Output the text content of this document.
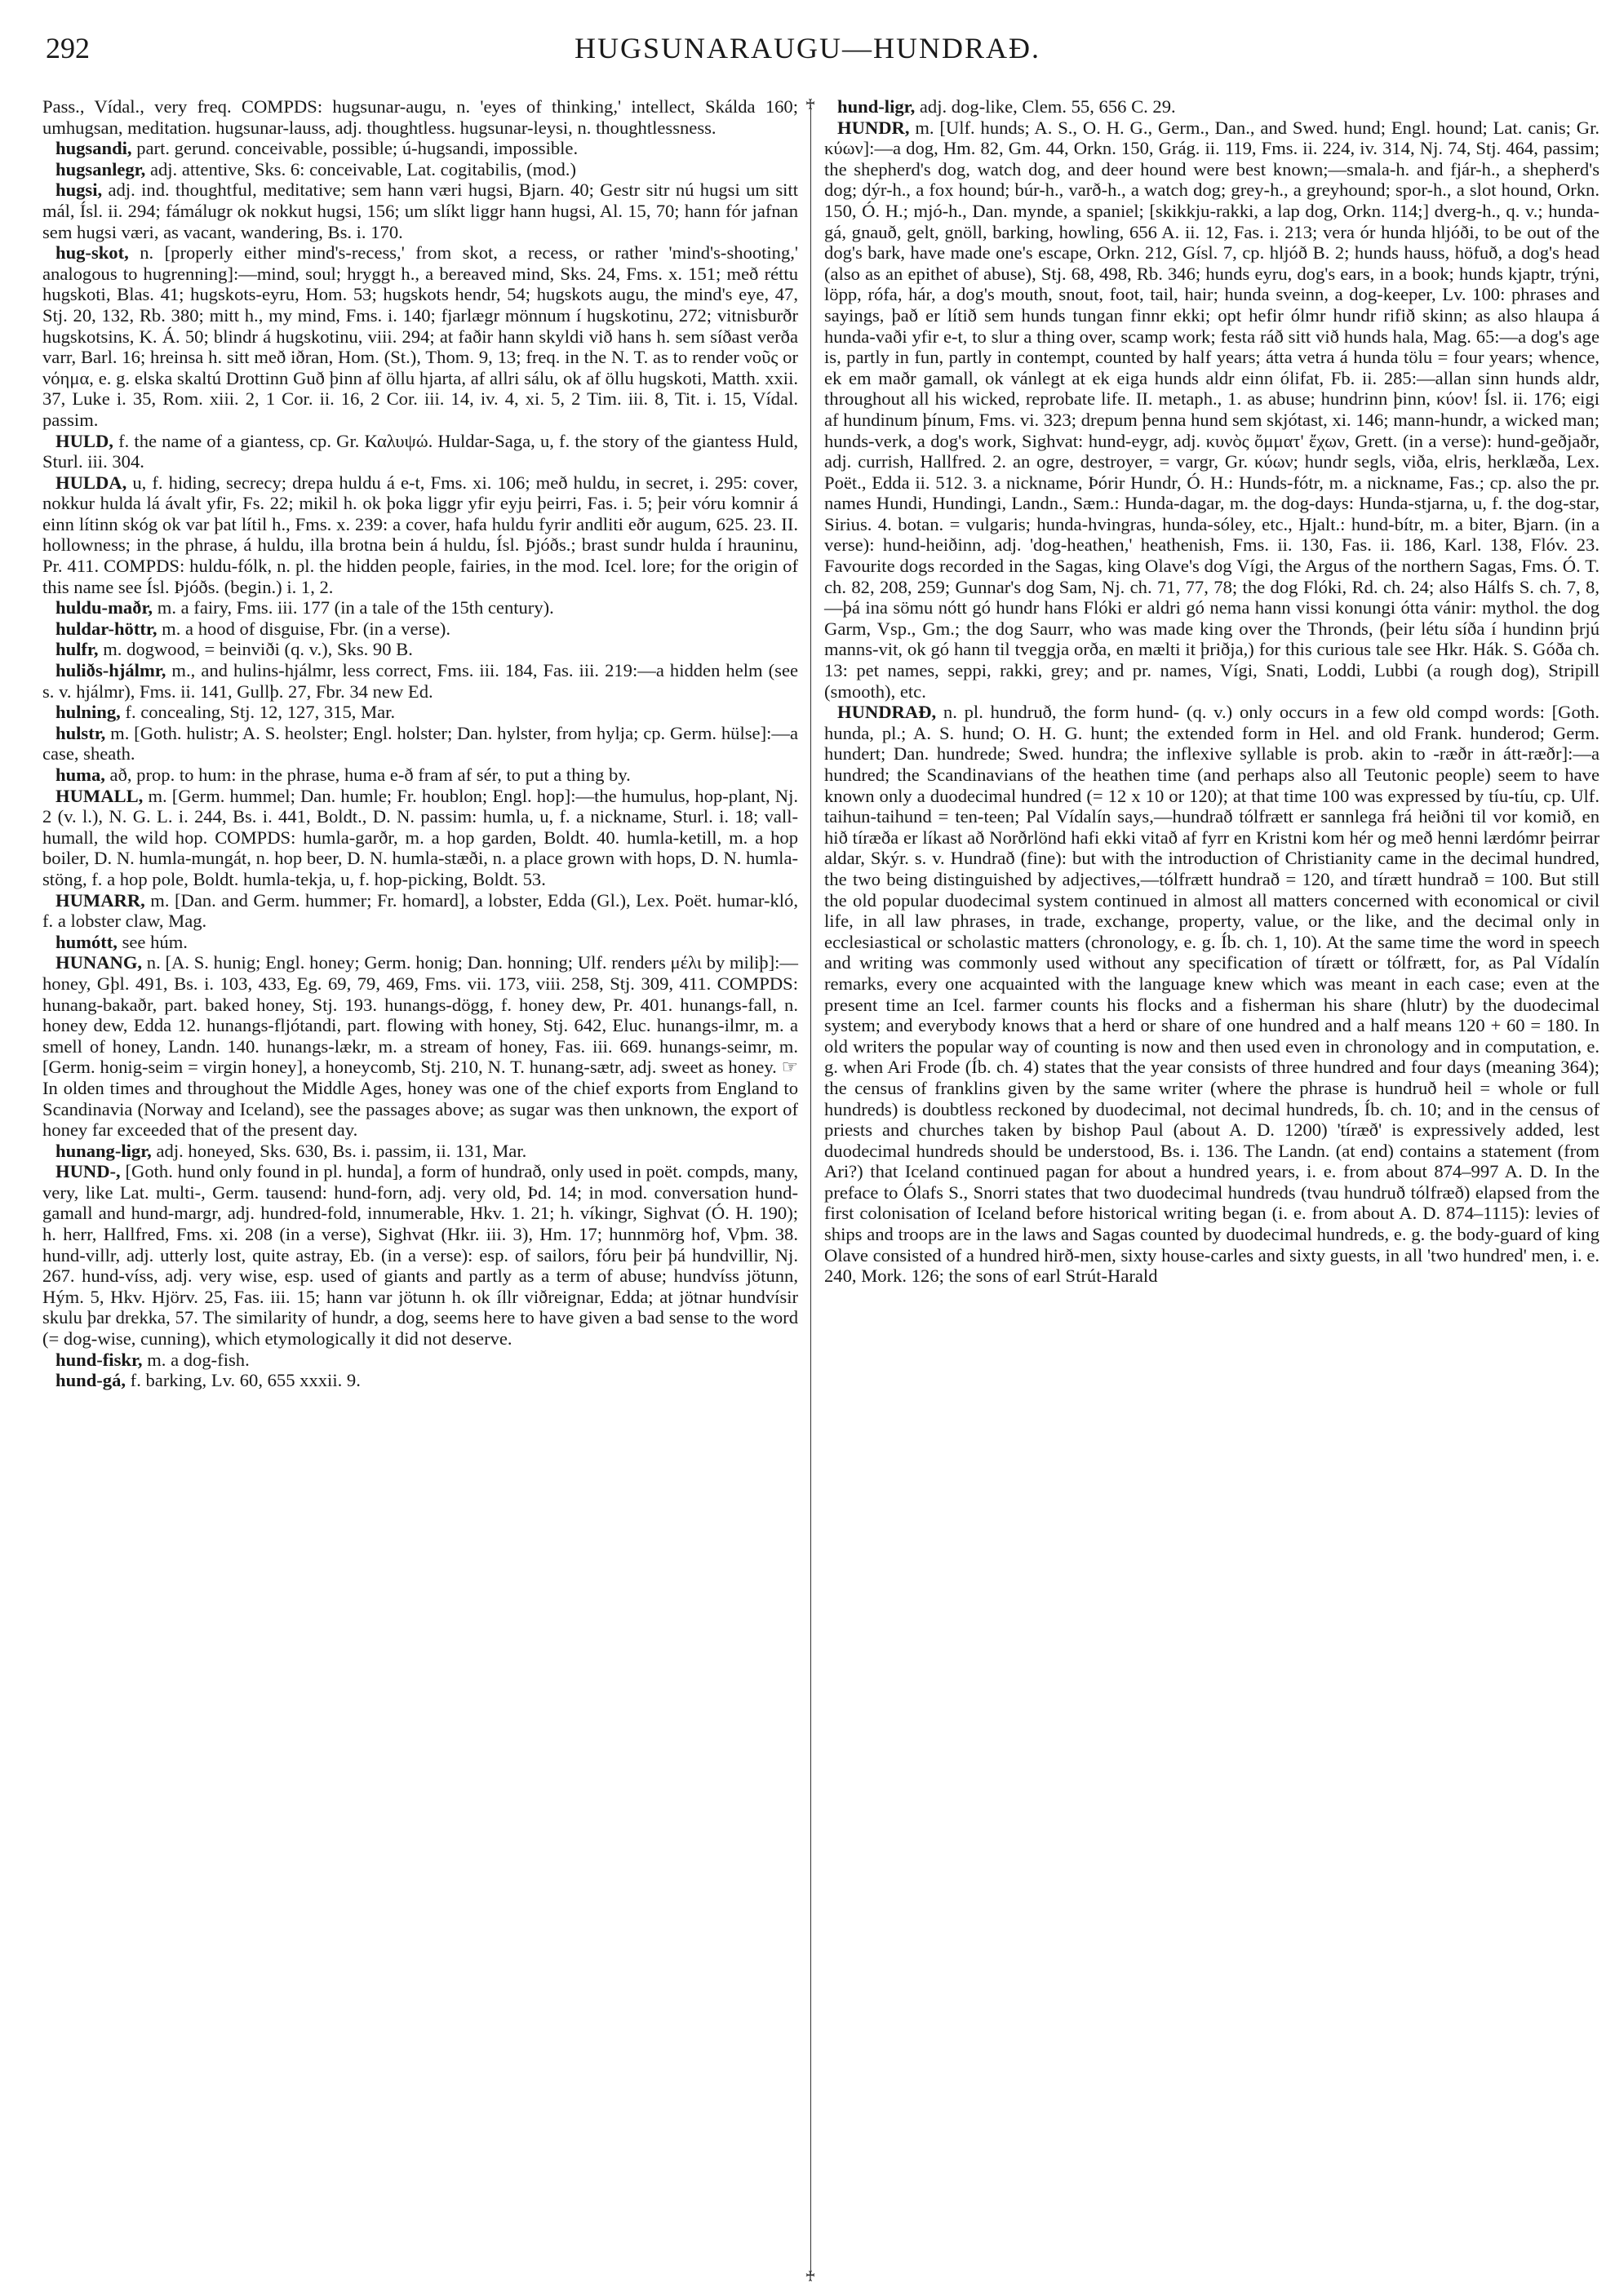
292	HUGSUNARAUGU—HUNDRAÐ.

Pass., Vídal., very freq. COMPDS: hugsunar-augu, n. 'eyes of thinking,' intellect, Skálda 160; umhugsan, meditation. hugsunar-lauss, adj. thoughtless. hugsunar-leysi, n. thoughtlessness.

hugsandi, part. gerund. conceivable, possible; ú-hugsandi, impossible.

hugsanlegr, adj. attentive, Sks. 6: conceivable, Lat. cogitabilis, (mod.)

hugsi, adj. ind. thoughtful, meditative; sem hann væri hugsi, Bjarn. 40; Gestr sitr nú hugsi um sitt mál, Ísl. ii. 294; fámálugr ok nokkut hugsi, 156; um slíkt liggr hann hugsi, Al. 15, 70; hann fór jafnan sem hugsi væri, as vacant, wandering, Bs. i. 170.

hug-skot, n. [properly either mind's-recess,' from skot, a recess, or rather 'mind's-shooting,' analogous to hugrenning]:—mind, soul; hryggt h., a bereaved mind, Sks. 24, Fms. x. 151; með réttu hugskoti, Blas. 41; hugskots-eyru, Hom. 53; hugskots hendr, 54; hugskots augu, the mind's eye, 47, Stj. 20, 132, Rb. 380; mitt h., my mind, Fms. i. 140; fjarlægr mönnum í hugskotinu, 272; vitnisburðr hugskotsins, K. Á. 50; blindr á hugskotinu, viii. 294; at faðir hann skyldi við hans h. sem síðast verða varr, Barl. 16; hreinsa h. sitt með iðran, Hom. (St.), Thom. 9, 13; freq. in the N. T. as to render νοῦς or νόημα, e. g. elska skaltú Drottinn Guð þinn af öllu hjarta, af allri sálu, ok af öllu hugskoti, Matth. xxii. 37, Luke i. 35, Rom. xiii. 2, 1 Cor. ii. 16, 2 Cor. iii. 14, iv. 4, xi. 5, 2 Tim. iii. 8, Tit. i. 15, Vídal. passim.

HULD, f. the name of a giantess, cp. Gr. Καλυψώ. Huldar-Saga, u, f. the story of the giantess Huld, Sturl. iii. 304.

HULDA, u, f. hiding, secrecy; drepa huldu á e-t, Fms. xi. 106; með huldu, in secret, i. 295: cover, nokkur hulda lá ávalt yfir, Fs. 22; mikil h. ok þoka liggr yfir eyju þeirri, Fas. i. 5; þeir vóru komnir á einn lítinn skóg ok var þat lítil h., Fms. x. 239: a cover, hafa huldu fyrir andliti eðr augum, 625. 23. II. hollowness; in the phrase, á huldu, illa brotna bein á huldu, Ísl. Þjóðs.; brast sundr hulda í hrauninu, Pr. 411. COMPDS: huldu-fólk, n. pl. the hidden people, fairies, in the mod. Icel. lore; for the origin of this name see Ísl. Þjóðs. (begin.) i. 1, 2.

huldu-maðr, m. a fairy, Fms. iii. 177 (in a tale of the 15th century).

huldar-höttr, m. a hood of disguise, Fbr. (in a verse).

hulfr, m. dogwood, = beinviði (q. v.), Sks. 90 B.

huliðs-hjálmr, m., and hulins-hjálmr, less correct, Fms. iii. 184, Fas. iii. 219:—a hidden helm (see s. v. hjálmr), Fms. ii. 141, Gullþ. 27, Fbr. 34 new Ed.

hulning, f. concealing, Stj. 12, 127, 315, Mar.

hulstr, m. [Goth. hulistr; A. S. heolster; Engl. holster; Dan. hylster, from hylja; cp. Germ. hülse]:—a case, sheath.

huma, að, prop. to hum: in the phrase, huma e-ð fram af sér, to put a thing by.

HUMALL, m. [Germ. hummel; Dan. humle; Fr. houblon; Engl. hop]:—the humulus, hop-plant, Nj. 2 (v. l.), N. G. L. i. 244, Bs. i. 441, Boldt., D. N. passim: humla, u, f. a nickname, Sturl. i. 18; vall-humall, the wild hop. COMPDS: humla-garðr, m. a hop garden, Boldt. 40. humla-ketill, m. a hop boiler, D. N. humla-mungát, n. hop beer, D. N. humla-stæði, n. a place grown with hops, D. N. humla-stöng, f. a hop pole, Boldt. humla-tekja, u, f. hop-picking, Boldt. 53.

HUMARR, m. [Dan. and Germ. hummer; Fr. homard], a lobster, Edda (Gl.), Lex. Poët. humar-kló, f. a lobster claw, Mag.

humótt, see húm.

HUNANG, n. [A. S. hunig; Engl. honey; Germ. honig; Dan. honning; Ulf. renders μέλι by miliþ]:—honey, Gþl. 491, Bs. i. 103, 433, Eg. 69, 79, 469, Fms. vii. 173, viii. 258, Stj. 309, 411. COMPDS: hunang-bakaðr, part. baked honey, Stj. 193. hunangs-dögg, f. honey dew, Pr. 401. hunangs-fall, n. honey dew, Edda 12. hunangs-fljótandi, part. flowing with honey, Stj. 642, Eluc. hunangs-ilmr, m. a smell of honey, Landn. 140. hunangs-lækr, m. a stream of honey, Fas. iii. 669. hunangs-seimr, m. [Germ. honig-seim = virgin honey], a honeycomb, Stj. 210, N. T. hunang-sætr, adj. sweet as honey. ☞ In olden times and throughout the Middle Ages, honey was one of the chief exports from England to Scandinavia (Norway and Iceland), see the passages above; as sugar was then unknown, the export of honey far exceeded that of the present day.

hunang-ligr, adj. honeyed, Sks. 630, Bs. i. passim, ii. 131, Mar.

HUND-, [Goth. hund only found in pl. hunda], a form of hundrað, only used in poët. compds, many, very, like Lat. multi-, Germ. tausend: hund-forn, adj. very old, Þd. 14; in mod. conversation hund-gamall and hund-margr, adj. hundred-fold, innumerable, Hkv. 1. 21; h. víkingr, Sighvat (Ó. H. 190); h. herr, Hallfred, Fms. xi. 208 (in a verse), Sighvat (Hkr. iii. 3), Hm. 17; hunnmörg hof, Vþm. 38. hund-villr, adj. utterly lost, quite astray, Eb. (in a verse): esp. of sailors, fóru þeir þá hundvillir, Nj. 267. hund-víss, adj. very wise, esp. used of giants and partly as a term of abuse; hundvíss jötunn, Hým. 5, Hkv. Hjörv. 25, Fas. iii. 15; hann var jötunn h. ok íllr viðreignar, Edda; at jötnar hundvísir skulu þar drekka, 57. The similarity of hundr, a dog, seems here to have given a bad sense to the word (= dog-wise, cunning), which etymologically it did not deserve.

hund-fiskr, m. a dog-fish.

hund-gá, f. barking, Lv. 60, 655 xxxii. 9.

♰
♰

hund-ligr, adj. dog-like, Clem. 55, 656 C. 29.

HUNDR, m. [Ulf. hunds; A. S., O. H. G., Germ., Dan., and Swed. hund; Engl. hound; Lat. canis; Gr. κύων]:—a dog, Hm. 82, Gm. 44, Orkn. 150, Grág. ii. 119, Fms. ii. 224, iv. 314, Nj. 74, Stj. 464, passim; the shepherd's dog, watch dog, and deer hound were best known;—smala-h. and fjár-h., a shepherd's dog; dýr-h., a fox hound; búr-h., varð-h., a watch dog; grey-h., a greyhound; spor-h., a slot hound, Orkn. 150, Ó. H.; mjó-h., Dan. mynde, a spaniel; [skikkju-rakki, a lap dog, Orkn. 114;] dverg-h., q. v.; hunda-gá, gnauð, gelt, gnöll, barking, howling, 656 A. ii. 12, Fas. i. 213; vera ór hunda hljóði, to be out of the dog's bark, have made one's escape, Orkn. 212, Gísl. 7, cp. hljóð B. 2; hunds hauss, höfuð, a dog's head (also as an epithet of abuse), Stj. 68, 498, Rb. 346; hunds eyru, dog's ears, in a book; hunds kjaptr, trýni, löpp, rófa, hár, a dog's mouth, snout, foot, tail, hair; hunda sveinn, a dog-keeper, Lv. 100: phrases and sayings, það er lítið sem hunds tungan finnr ekki; opt hefir ólmr hundr rifið skinn; as also hlaupa á hunda-vaði yfir e-t, to slur a thing over, scamp work; festa ráð sitt við hunds hala, Mag. 65:—a dog's age is, partly in fun, partly in contempt, counted by half years; átta vetra á hunda tölu = four years; whence, ek em maðr gamall, ok vánlegt at ek eiga hunds aldr einn ólifat, Fb. ii. 285:—allan sinn hunds aldr, throughout all his wicked, reprobate life. II. metaph., 1. as abuse; hundrinn þinn, κύον! Ísl. ii. 176; eigi af hundinum þínum, Fms. vi. 323; drepum þenna hund sem skjótast, xi. 146; mann-hundr, a wicked man; hunds-verk, a dog's work, Sighvat: hund-eygr, adj. κυνὸς ὄμματ' ἔχων, Grett. (in a verse): hund-geðjaðr, adj. currish, Hallfred. 2. an ogre, destroyer, = vargr, Gr. κύων; hundr segls, viða, elris, herklæða, Lex. Poët., Edda ii. 512. 3. a nickname, Þórir Hundr, Ó. H.: Hunds-fótr, m. a nickname, Fas.; cp. also the pr. names Hundi, Hundingi, Landn., Sæm.: Hunda-dagar, m. the dog-days: Hunda-stjarna, u, f. the dog-star, Sirius. 4. botan. = vulgaris; hunda-hvingras, hunda-sóley, etc., Hjalt.: hund-bítr, m. a biter, Bjarn. (in a verse): hund-heiðinn, adj. 'dog-heathen,' heathenish, Fms. ii. 130, Fas. ii. 186, Karl. 138, Flóv. 23. Favourite dogs recorded in the Sagas, king Olave's dog Vígi, the Argus of the northern Sagas, Fms. Ó. T. ch. 82, 208, 259; Gunnar's dog Sam, Nj. ch. 71, 77, 78; the dog Flóki, Rd. ch. 24; also Hálfs S. ch. 7, 8,—þá ina sömu nótt gó hundr hans Flóki er aldri gó nema hann vissi konungi ótta vánir: mythol. the dog Garm, Vsp., Gm.; the dog Saurr, who was made king over the Thronds, (þeir létu síða í hundinn þrjú manns-vit, ok gó hann til tveggja orða, en mælti it þriðja,) for this curious tale see Hkr. Hák. S. Góða ch. 13: pet names, seppi, rakki, grey; and pr. names, Vígi, Snati, Loddi, Lubbi (a rough dog), Stripill (smooth), etc.

HUNDRAÐ, n. pl. hundruð, the form hund- (q. v.) only occurs in a few old compd words: [Goth. hunda, pl.; A. S. hund; O. H. G. hunt; the extended form in Hel. and old Frank. hunderod; Germ. hundert; Dan. hundrede; Swed. hundra; the inflexive syllable is prob. akin to -ræðr in átt-ræðr]:—a hundred; the Scandinavians of the heathen time (and perhaps also all Teutonic people) seem to have known only a duodecimal hundred (= 12 x 10 or 120); at that time 100 was expressed by tíu-tíu, cp. Ulf. taihun-taihund = ten-teen; Pal Vídalín says,—hundrað tólfrætt er sannlega frá heiðni til vor komið, en hið tíræða er líkast að Norðrlönd hafi ekki vitað af fyrr en Kristni kom hér og með henni lærdómr þeirrar aldar, Skýr. s. v. Hundrað (fine): but with the introduction of Christianity came in the decimal hundred, the two being distinguished by adjectives,—tólfrætt hundrað = 120, and tírætt hundrað = 100. But still the old popular duodecimal system continued in almost all matters concerned with economical or civil life, in all law phrases, in trade, exchange, property, value, or the like, and the decimal only in ecclesiastical or scholastic matters (chronology, e. g. Íb. ch. 1, 10). At the same time the word in speech and writing was commonly used without any specification of tírætt or tólfrætt, for, as Pal Vídalín remarks, every one acquainted with the language knew which was meant in each case; even at the present time an Icel. farmer counts his flocks and a fisherman his share (hlutr) by the duodecimal system; and everybody knows that a herd or share of one hundred and a half means 120 + 60 = 180. In old writers the popular way of counting is now and then used even in chronology and in computation, e. g. when Ari Frode (Íb. ch. 4) states that the year consists of three hundred and four days (meaning 364); the census of franklins given by the same writer (where the phrase is hundruð heil = whole or full hundreds) is doubtless reckoned by duodecimal, not decimal hundreds, Íb. ch. 10; and in the census of priests and churches taken by bishop Paul (about A. D. 1200) 'tíræð' is expressively added, lest duodecimal hundreds should be understood, Bs. i. 136. The Landn. (at end) contains a statement (from Ari?) that Iceland continued pagan for about a hundred years, i. e. from about 874–997 A. D. In the preface to Ólafs S., Snorri states that two duodecimal hundreds (tvau hundruð tólfræð) elapsed from the first colonisation of Iceland before historical writing began (i. e. from about A. D. 874–1115): levies of ships and troops are in the laws and Sagas counted by duodecimal hundreds, e. g. the body-guard of king Olave consisted of a hundred hirð-men, sixty house-carles and sixty guests, in all 'two hundred' men, i. e. 240, Mork. 126; the sons of earl Strút-Harald
